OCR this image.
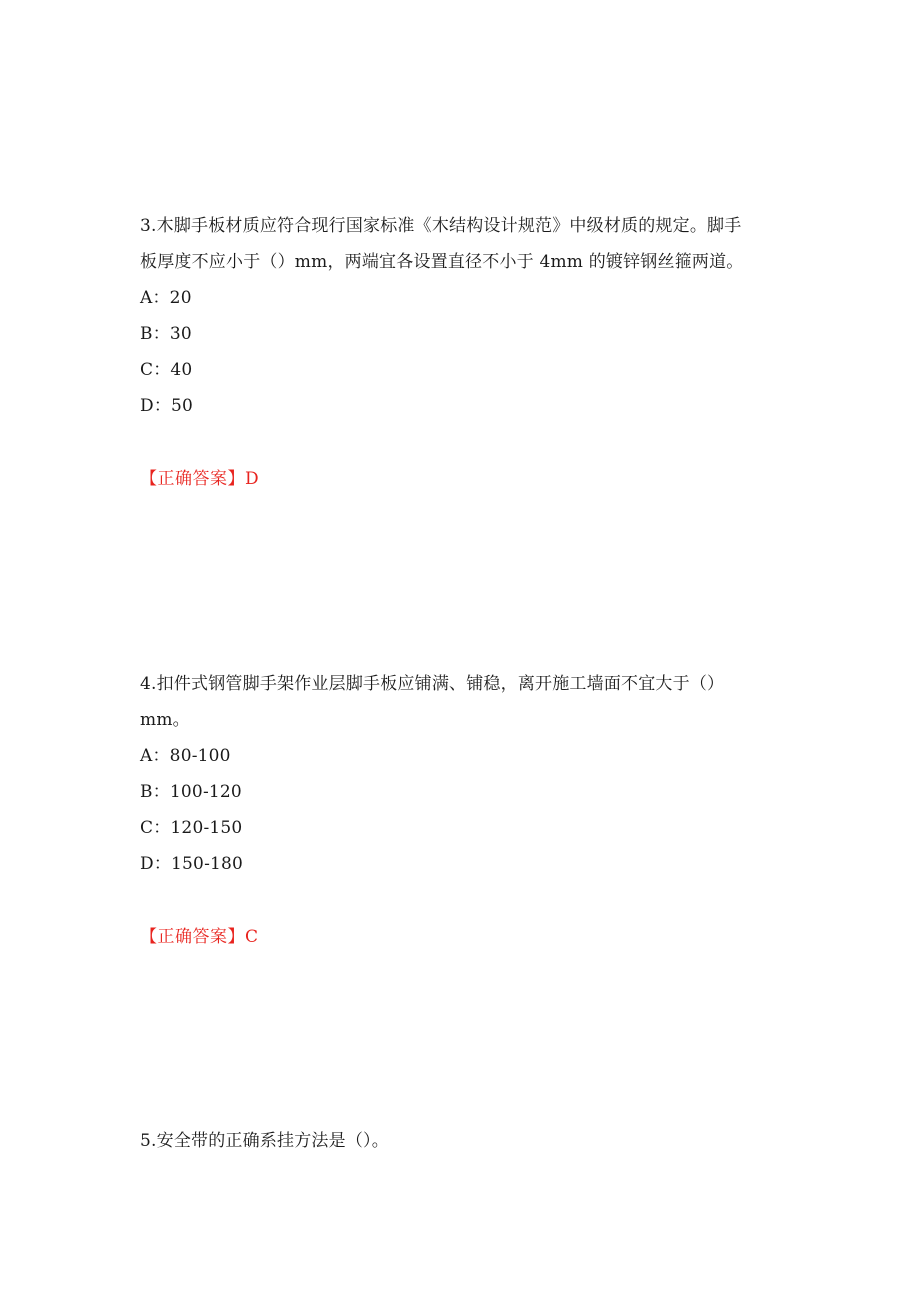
3.木脚手板材质应符合现行国家标准《木结构设计规范》中级材质的规定。脚手
板厚度不应小于（）mm，两端宜各设置直径不小于 4mm 的镀锌钢丝箍两道。
A：20
B：30
C：40
D：50
【正确答案】D
4.扣件式钢管脚手架作业层脚手板应铺满、铺稳，离开施工墙面不宜大于（）
mm。
A：80-100
B：100-120
C：120-150
D：150-180
【正确答案】C
5.安全带的正确系挂方法是（）。
